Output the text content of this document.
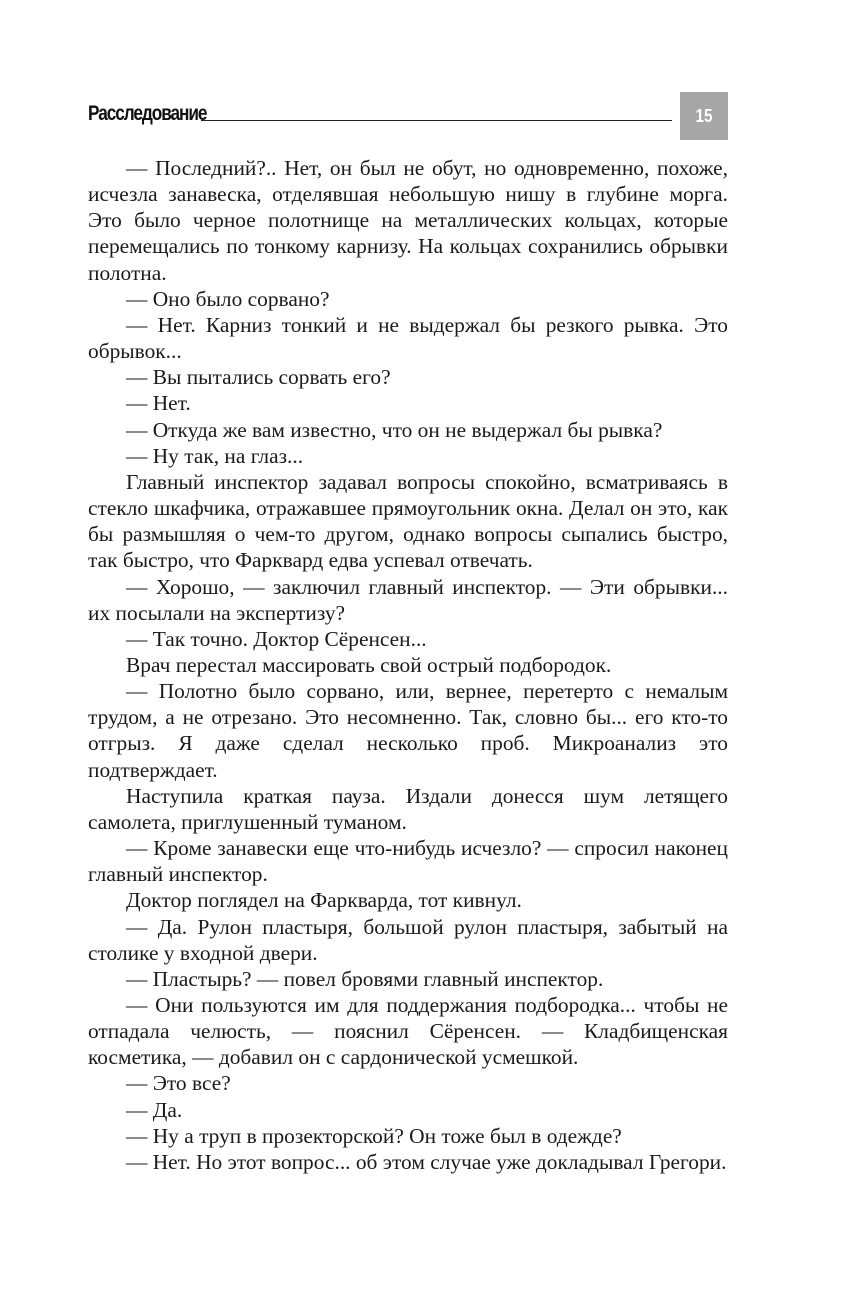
Расследование	15

— Последний?.. Нет, он был не обут, но одновременно, похоже, исчезла занавеска, отделявшая небольшую нишу в глубине морга. Это было черное полотнище на металлических кольцах, которые перемещались по тонкому карнизу. На кольцах сохранились обрывки полотна.

— Оно было сорвано?

— Нет. Карниз тонкий и не выдержал бы резкого рывка. Это обрывок...

— Вы пытались сорвать его?

— Нет.

— Откуда же вам известно, что он не выдержал бы рывка?

— Ну так, на глаз...

Главный инспектор задавал вопросы спокойно, всматриваясь в стекло шкафчика, отражавшее прямоугольник окна. Делал он это, как бы размышляя о чем-то другом, однако вопросы сыпались быстро, так быстро, что Фарквард едва успевал отвечать.

— Хорошо, — заключил главный инспектор. — Эти обрывки... их посылали на экспертизу?

— Так точно. Доктор Сёренсен...

Врач перестал массировать свой острый подбородок.

— Полотно было сорвано, или, вернее, перетерто с немалым трудом, а не отрезано. Это несомненно. Так, словно бы... его кто-то отгрыз. Я даже сделал несколько проб. Микроанализ это подтверждает.

Наступила краткая пауза. Издали донесся шум летящего самолета, приглушенный туманом.

— Кроме занавески еще что-нибудь исчезло? — спросил наконец главный инспектор.

Доктор поглядел на Фарквардa, тот кивнул.

— Да. Рулон пластыря, большой рулон пластыря, забытый на столике у входной двери.

— Пластырь? — повел бровями главный инспектор.

— Они пользуются им для поддержания подбородка... чтобы не отпадала челюсть, — пояснил Сёренсен. — Кладбищенская косметика, — добавил он с сардонической усмешкой.

— Это все?

— Да.

— Ну а труп в прозекторской? Он тоже был в одежде?

— Нет. Но этот вопрос... об этом случае уже докладывал Грегори.
